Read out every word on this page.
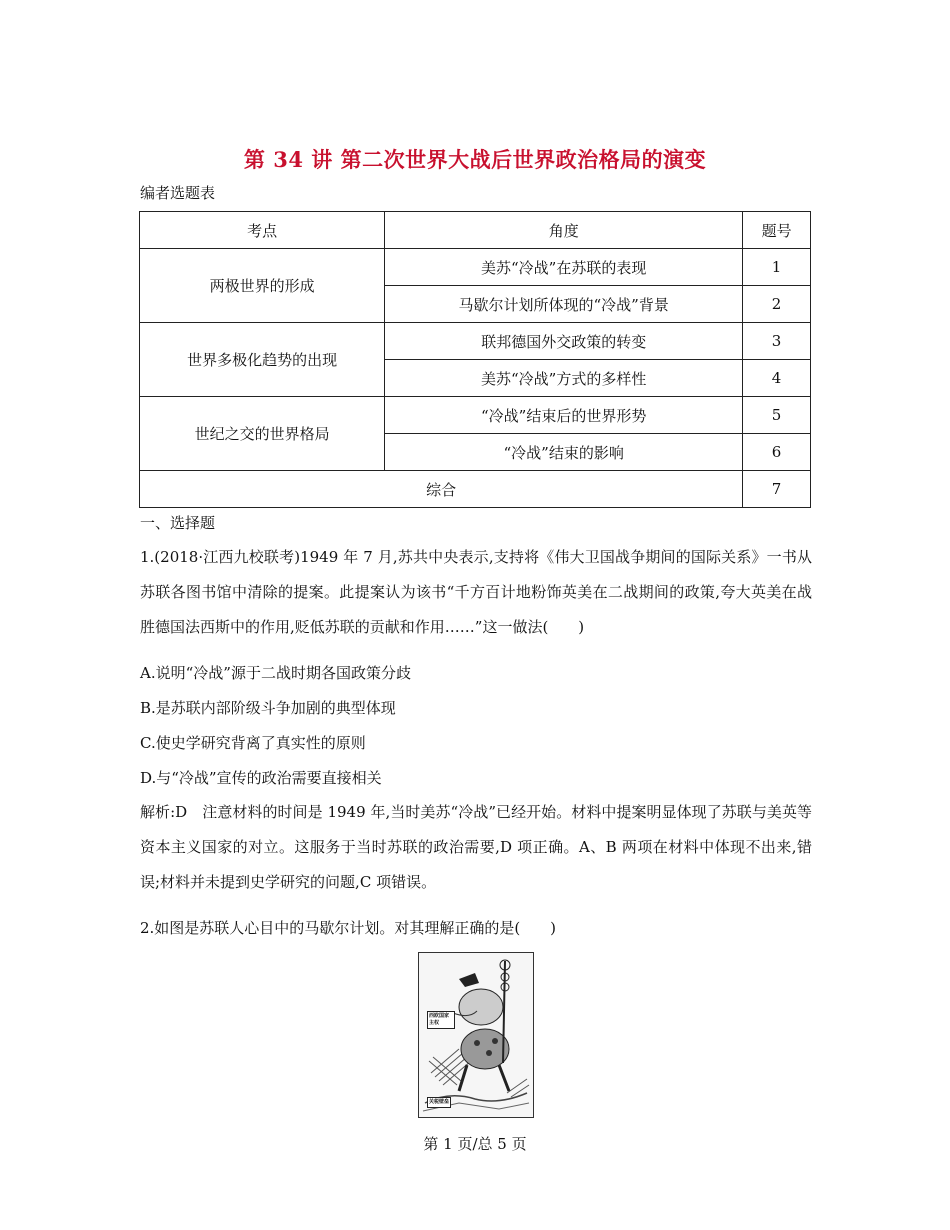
第 34 讲 第二次世界大战后世界政治格局的演变
编者选题表
考点	角度	题号
两极世界的形成	美苏“冷战”在苏联的表现	1
	马歇尔计划所体现的“冷战”背景	2
世界多极化趋势的出现	联邦德国外交政策的转变	3
	美苏“冷战”方式的多样性	4
世纪之交的世界格局	“冷战”结束后的世界形势	5
	“冷战”结束的影响	6
综合		7
一、选择题
1.(2018·江西九校联考)1949 年 7 月,苏共中央表示,支持将《伟大卫国战争期间的国际关系》一书从苏联各图书馆中清除的提案。此提案认为该书“千方百计地粉饰英美在二战期间的政策,夸大英美在战胜德国法西斯中的作用,贬低苏联的贡献和作用……”这一做法(　　)
A.说明“冷战”源于二战时期各国政策分歧
B.是苏联内部阶级斗争加剧的典型体现
C.使史学研究背离了真实性的原则
D.与“冷战”宣传的政治需要直接相关
解析:D　注意材料的时间是 1949 年,当时美苏“冷战”已经开始。材料中提案明显体现了苏联与美英等资本主义国家的对立。这服务于当时苏联的政治需要,D 项正确。A、B 两项在材料中体现不出来,错误;材料并未提到史学研究的问题,C 项错误。
2.如图是苏联人心目中的马歇尔计划。对其理解正确的是(　　)
西欧国家主权
关税壁垒
第 1 页/总 5 页
